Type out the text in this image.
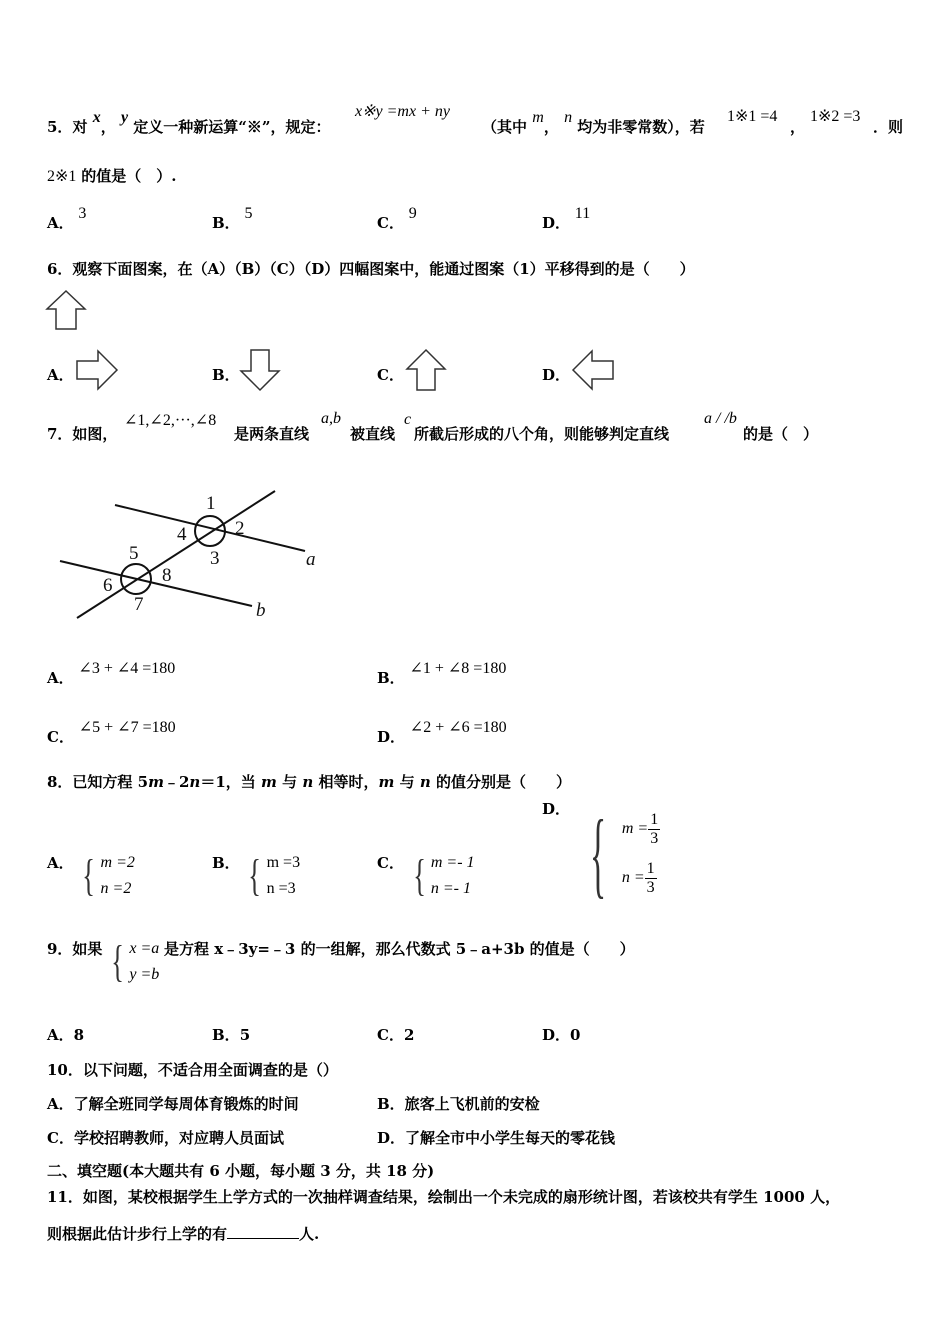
5．对 x， y 定义一种新运算“※”，规定：
x※y =mx + ny
（其中 m， n 均为非零常数），若
1※1 =4
，
1※2 =3
．则
2※1 的值是（　）.
A． 3
B． 5
C． 9
D． 11
6．观察下面图案，在（A）（B）（C）（D）四幅图案中，能通过图案（1）平移得到的是（　　）
A．	B．	C．	D．
7．如图，
∠1,∠2,···,∠8
是两条直线
a,b
被直线
c
所截后形成的八个角，则能够判定直线
a / /b
的是（　）
1
2
3
4
5
6
7
8
a
b
A． ∠3 + ∠4 =180
B． ∠1 + ∠8 =180
C． ∠5 + ∠7 =180
D． ∠2 + ∠6 =180
8．已知方程 5m﹣2n＝1，当 m 与 n 相等时，m 与 n 的值分别是（　　）
A． { m =2
n =2
B． { m =3
n =3
C． { m =- 1
n =- 1
D． { $m = \frac{1}{3}$
$n = \frac{1}{3}$
9．如果 { x =a
y =b
是方程 x﹣3y=﹣3 的一组解，那么代数式 5﹣a+3b 的值是（　　）
A．8	B．5	C．2	D．0
10．以下问题，不适合用全面调查的是（）
A．了解全班同学每周体育锻炼的时间	B．旅客上飞机前的安检
C．学校招聘教师，对应聘人员面试	D．了解全市中小学生每天的零花钱
二、填空题(本大题共有 6 小题，每小题 3 分，共 18 分)
11．如图，某校根据学生上学方式的一次抽样调查结果，绘制出一个未完成的扇形统计图，若该校共有学生 1000 人，
则根据此估计步行上学的有	人.
